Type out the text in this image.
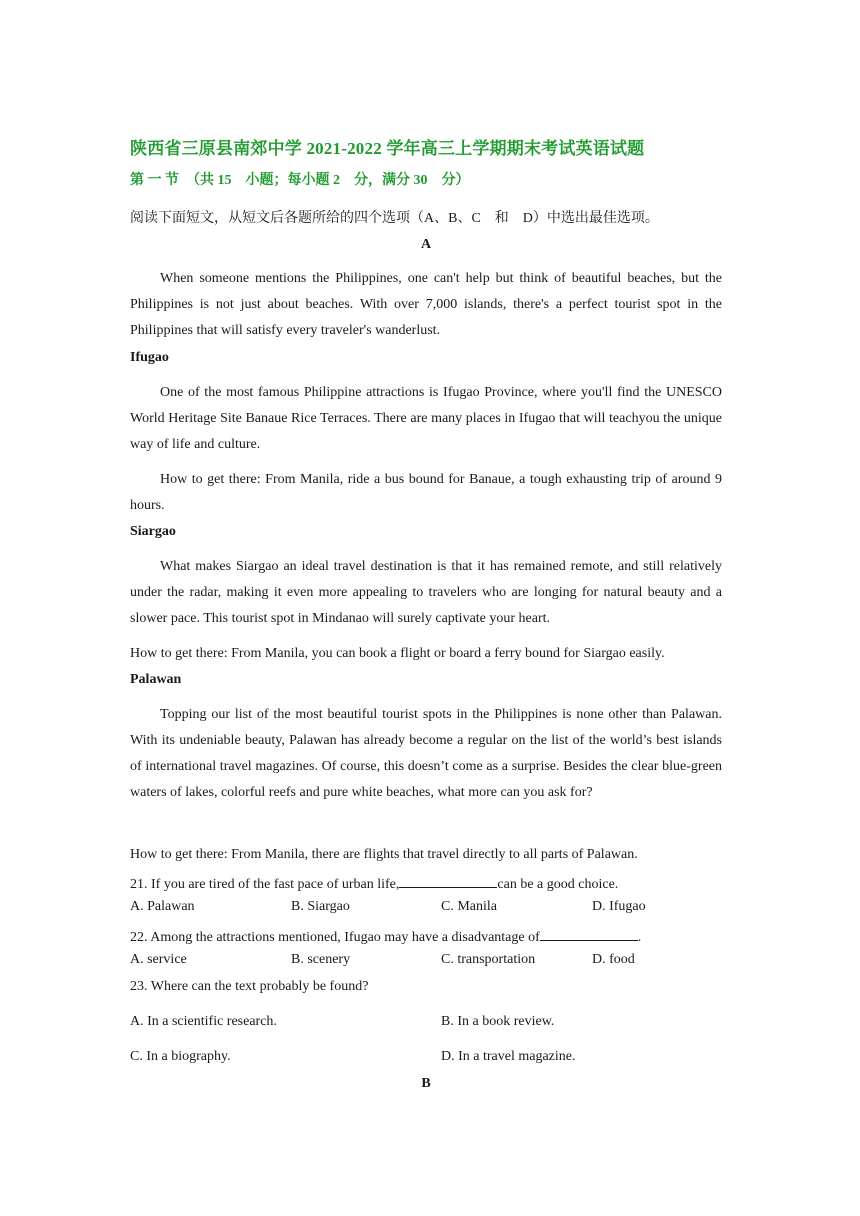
陕西省三原县南郊中学 2021-2022 学年高三上学期期末考试英语试题
第 一 节　（共 15　小题；每小题 2　分，满分 30　分）
阅读下面短文，从短文后各题所给的四个选项（A、B、C　和　D）中选出最佳选项。
A
When someone mentions the Philippines, one can't help but think of beautiful beaches, but the Philippines is not just about beaches. With over 7,000 islands, there's a perfect tourist spot in the Philippines that will satisfy every traveler's wanderlust.
Ifugao
One of the most famous Philippine attractions is Ifugao Province, where you'll find the UNESCO World Heritage Site Banaue Rice Terraces. There are many places in Ifugao that will teachyou the unique way of life and culture.
How to get there: From Manila, ride a bus bound for Banaue, a tough exhausting trip of around 9 hours.
Siargao
What makes Siargao an ideal travel destination is that it has remained remote, and still relatively under the radar, making it even more appealing to travelers who are longing for natural beauty and a slower pace. This tourist spot in Mindanao will surely captivate your heart.
How to get there: From Manila, you can book a flight or board a ferry bound for Siargao easily.
Palawan
Topping our list of the most beautiful tourist spots in the Philippines is none other than Palawan. With its undeniable beauty, Palawan has already become a regular on the list of the world’s best islands of international travel magazines. Of course, this doesn’t come as a surprise. Besides the clear blue-green waters of lakes, colorful reefs and pure white beaches, what more can you ask for?
How to get there: From Manila, there are flights that travel directly to all parts of Palawan.
21. If you are tired of the fast pace of urban life,	can be a good choice.
A. Palawan	B. Siargao	C. Manila	D. Ifugao
22. Among the attractions mentioned, Ifugao may have a disadvantage of	.
A. service	B. scenery	C. transportation	D. food
23. Where can the text probably be found?
A. In a scientific research.	B. In a book review.
C. In a biography.	D. In a travel magazine.
B
